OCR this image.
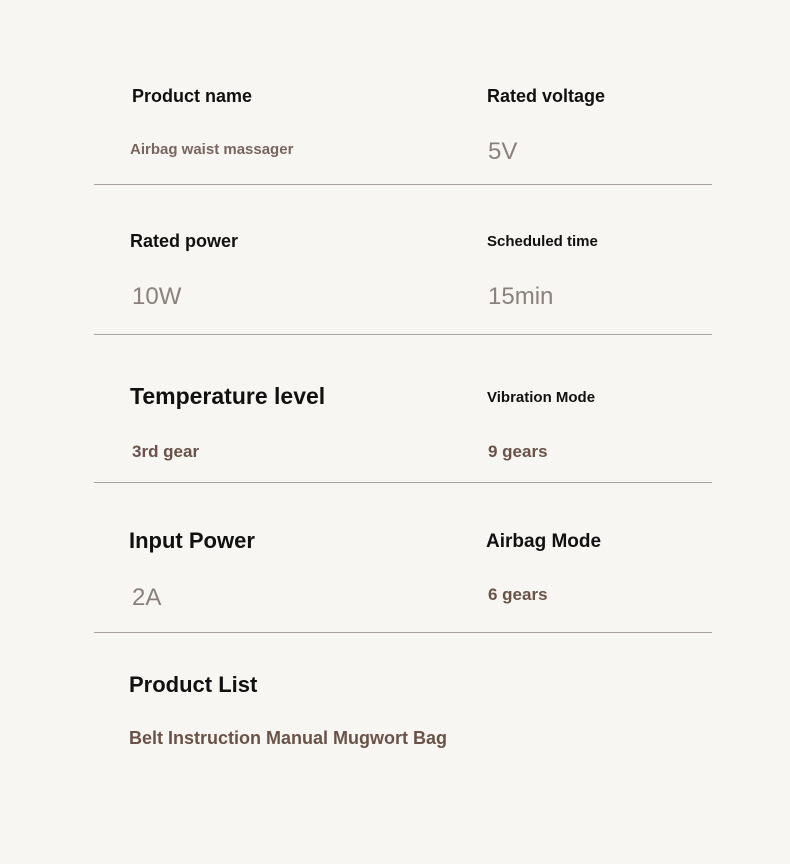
Product name
Airbag waist massager
Rated voltage
5V
Rated power
10W
Scheduled time
15min
Temperature level
3rd gear
Vibration Mode
9 gears
Input Power
2A
Airbag Mode
6 gears
Product List
Belt Instruction Manual Mugwort Bag
